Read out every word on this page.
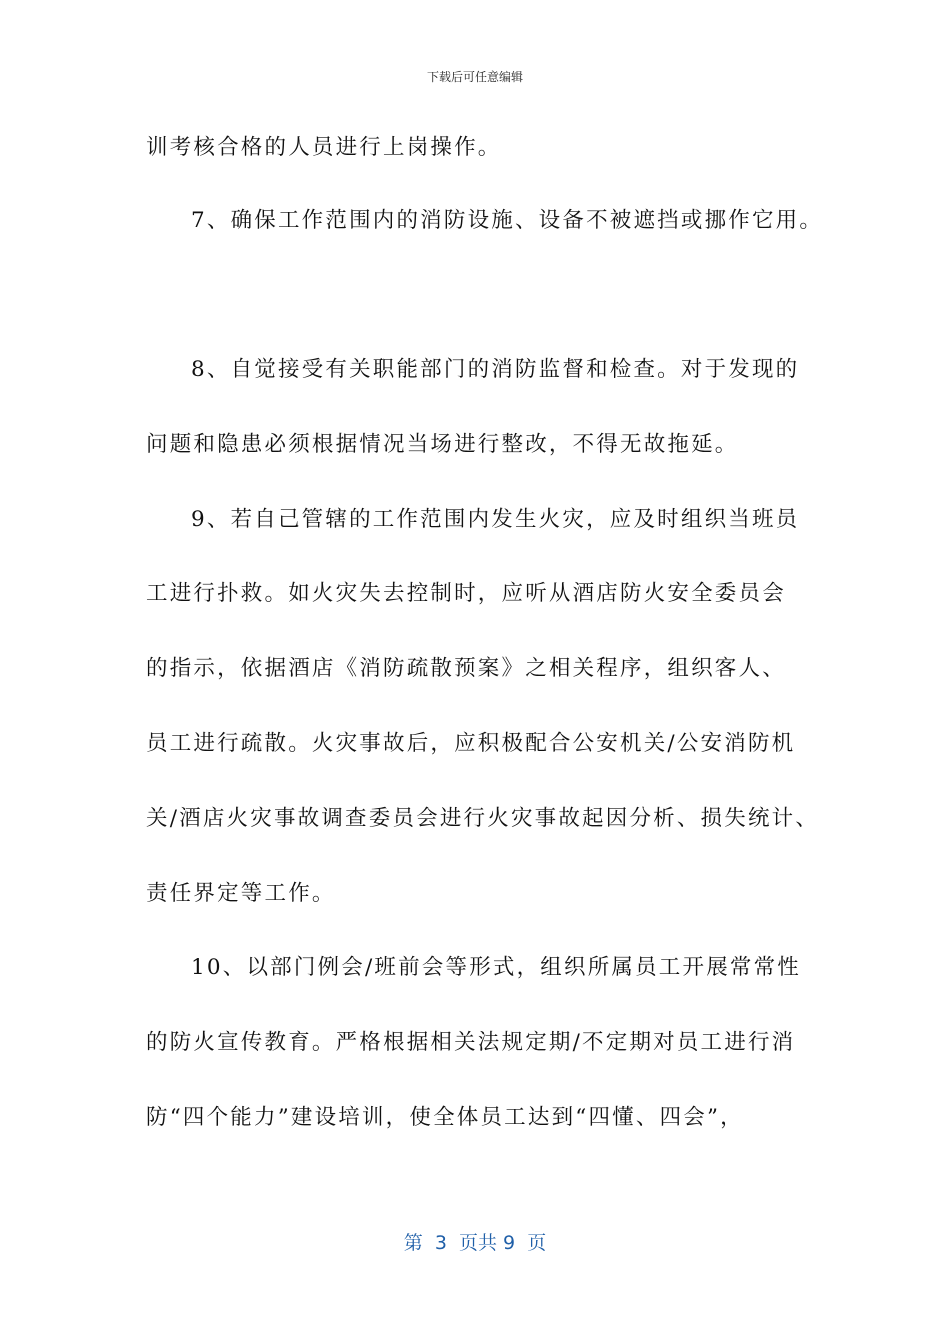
下载后可任意编辑
训考核合格的人员进行上岗操作。
7、确保工作范围内的消防设施、设备不被遮挡或挪作它用。
8、自觉接受有关职能部门的消防监督和检查。对于发现的
问题和隐患必须根据情况当场进行整改，不得无故拖延。
9、若自己管辖的工作范围内发生火灾，应及时组织当班员
工进行扑救。如火灾失去控制时，应听从酒店防火安全委员会
的指示，依据酒店《消防疏散预案》之相关程序，组织客人、
员工进行疏散。火灾事故后，应积极配合公安机关/公安消防机
关/酒店火灾事故调查委员会进行火灾事故起因分析、损失统计、
责任界定等工作。
10、以部门例会/班前会等形式，组织所属员工开展常常性
的防火宣传教育。严格根据相关法规定期/不定期对员工进行消
防“四个能力”建设培训，使全体员工达到“四懂、四会”，
第  3  页共 9  页
